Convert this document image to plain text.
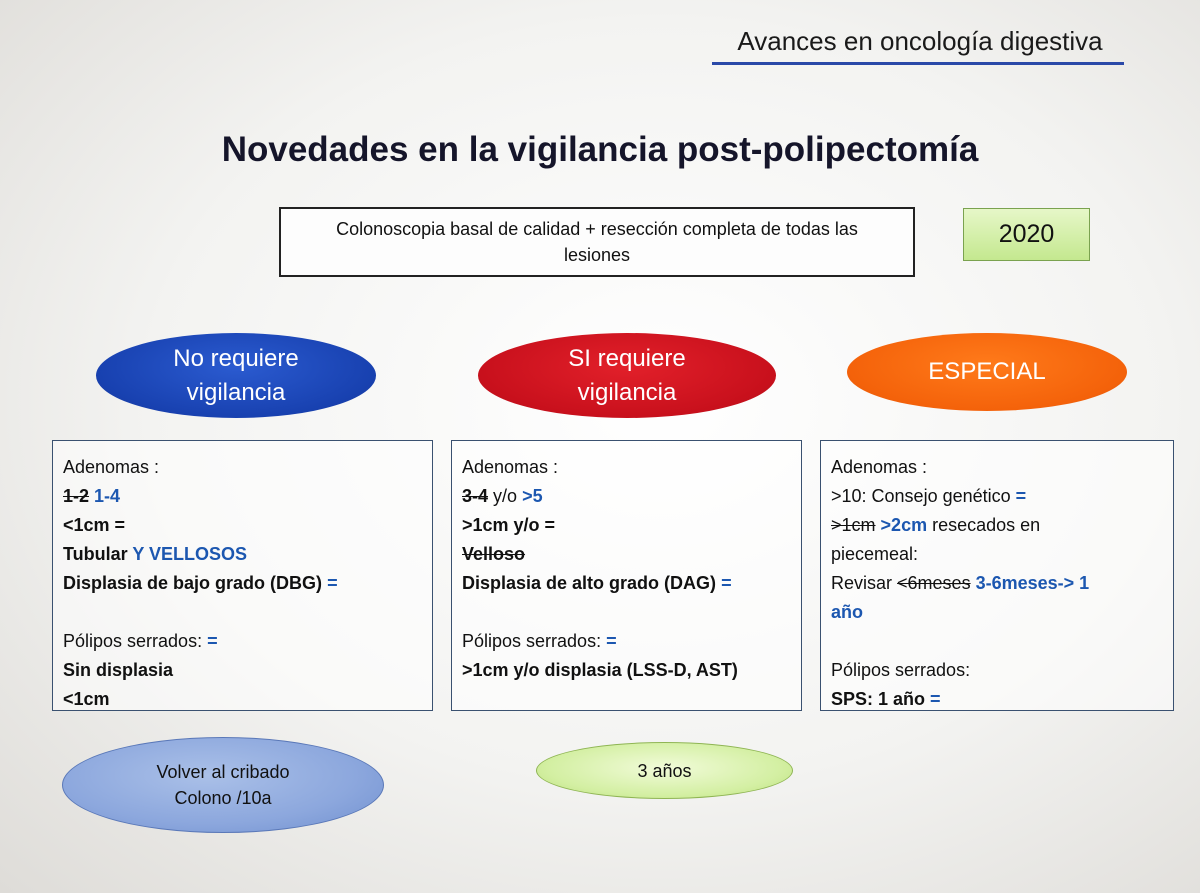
Avances en oncología digestiva
Novedades en la vigilancia post-polipectomía
Colonoscopia basal de calidad + resección completa de todas las lesiones
2020
No requiere vigilancia
SI requiere vigilancia
ESPECIAL
Adenomas :
1-2 1-4
<1cm =
Tubular Y VELLOSOS
Displasia de bajo grado (DBG) =
Pólipos serrados: =
Sin displasia
<1cm
Adenomas :
3-4 y/o >5
>1cm y/o =
Velloso
Displasia de alto grado (DAG) =
Pólipos serrados: =
>1cm y/o displasia (LSS-D, AST)
Adenomas :
>10: Consejo genético =
>1cm >2cm resecados en
piecemeal:
Revisar <6meses 3-6meses-> 1
año
Pólipos serrados:
SPS: 1 año =
Volver al cribado Colono /10a
3 años
